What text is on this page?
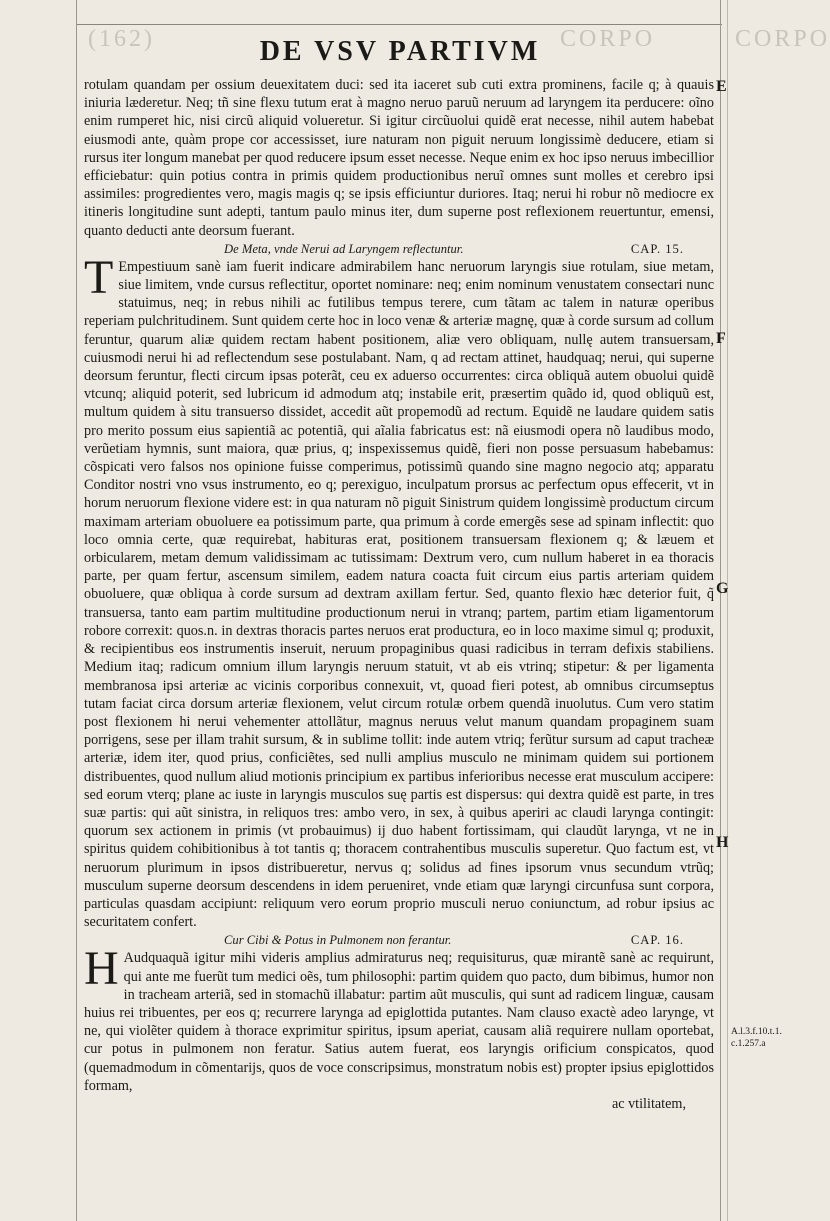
(162)	CORPO	CORPO
DE VSV PARTIVM

rotulam quandam per ossium deuexitatem duci: sed ita iaceret sub cuti extra prominens, facile q; à quauis iniuria læderetur. Neq; tñ sine flexu tutum erat à magno neruo paruũ neruum ad laryngem ita perducere: oĩno enim rumperet hic, nisi circũ aliquid volueretur. Si igitur circũuolui quidẽ erat necesse, nihil autem habebat eiusmodi ante, quàm prope cor accessisset, iure naturam non piguit neruum longissimè deducere, etiam si rursus iter longum manebat per quod reducere ipsum esset necesse. Neque enim ex hoc ipso neruus imbecillior efficiebatur: quin potius contra in primis quidem productionibus neruĩ omnes sunt molles et cerebro ipsi assimiles: progredientes vero, magis magis q; se ipsis efficiuntur duriores. Itaq; nerui hi robur nõ mediocre ex itineris longitudine sunt adepti, tantum paulo minus iter, dum superne post reflexionem reuertuntur, emensi, quanto deducti ante deorsum fuerant.

De Meta, vnde Nerui ad Laryngem reflectuntur.	CAP. 15.

T Empestiuum sanè iam fuerit indicare admirabilem hanc neruorum laryngis siue rotulam, siue metam, siue limitem, vnde cursus reflectitur, oportet nominare: neq; enim nominum venustatem consectari nunc statuimus, neq; in rebus nihili ac futilibus tempus terere, cum tãtam ac talem in naturæ operibus reperiam pulchritudinem. Sunt quidem certe hoc in loco venæ & arteriæ magnę, quæ à corde sursum ad collum feruntur, quarum aliæ quidem rectam habent positionem, aliæ vero obliquam, nullę autem transuersam, cuiusmodi nerui hi ad reflectendum sese postulabant. Nam, q ad rectam attinet, haudquaq; nerui, qui superne deorsum feruntur, flecti circum ipsas poterãt, ceu ex aduerso occurrentes: circa obliquã autem obuolui quidẽ vtcunq; aliquid poterit, sed lubricum id admodum atq; instabile erit, præsertim quãdo id, quod obliquũ est, multum quidem à situ transuerso dissidet, accedit aũt propemodũ ad rectum. Equidẽ ne laudare quidem satis pro merito possum eius sapientiã ac potentiã, qui aĩalia fabricatus est: nã eiusmodi opera nõ laudibus modo, verũetiam hymnis, sunt maiora, quæ prius, q; inspexissemus quidẽ, fieri non posse persuasum habebamus: cõspicati vero falsos nos opinione fuisse comperimus, potissimũ quando sine magno negocio atq; apparatu Conditor nostri vno vsus instrumento, eo q; perexiguo, inculpatum prorsus ac perfectum opus effecerit, vt in horum neruorum flexione videre est: in qua naturam nõ piguit Sinistrum quidem longissimè productum circum maximam arteriam obuoluere ea potissimum parte, qua primum à corde emergẽs sese ad spinam inflectit: quo loco omnia certe, quæ requirebat, habituras erat, positionem transuersam flexionem q; & læuem et orbicularem, metam demum validissimam ac tutissimam: Dextrum vero, cum nullum haberet in ea thoracis parte, per quam fertur, ascensum similem, eadem natura coacta fuit circum eius partis arteriam quidem obuoluere, quæ obliqua à corde sursum ad dextram axillam fertur. Sed, quanto flexio hæc deterior fuit, q̃ transuersa, tanto eam partim multitudine productionum nerui in vtranq; partem, partim etiam ligamentorum robore correxit: quos.n. in dextras thoracis partes neruos erat productura, eo in loco maxime simul q; produxit, & recipientibus eos instrumentis inseruit, neruum propaginibus quasi radicibus in terram defixis stabiliens. Medium itaq; radicum omnium illum laryngis neruum statuit, vt ab eis vtrinq; stipetur: & per ligamenta membranosa ipsi arteriæ ac vicinis corporibus connexuit, vt, quoad fieri potest, ab omnibus circumseptus tutam faciat circa dorsum arteriæ flexionem, velut circum rotulæ orbem quendã inuolutus. Cum vero statim post flexionem hi nerui vehementer attollãtur, magnus neruus velut manum quandam propaginem suam porrigens, sese per illam trahit sursum, & in sublime tollit: inde autem vtriq; ferũtur sursum ad caput tracheæ arteriæ, idem iter, quod prius, conficiẽtes, sed nulli amplius musculo ne minimam quidem sui portionem distribuentes, quod nullum aliud motionis principium ex partibus inferioribus necesse erat musculum accipere: sed eorum vterq; plane ac iuste in laryngis musculos suę partis est dispersus: qui dextra quidẽ est parte, in tres suæ partis: qui aũt sinistra, in reliquos tres: ambo vero, in sex, à quibus aperiri ac claudi larynga contingit: quorum sex actionem in primis (vt probauimus) ij duo habent fortissimam, qui claudũt larynga, vt ne in spiritus quidem cohibitionibus à tot tantis q; thoracem contrahentibus musculis superetur. Quo factum est, vt neruorum plurimum in ipsos distribueretur, nervus q; solidus ad fines ipsorum vnus secundum vtrũq; musculum superne deorsum descendens in idem perueniret, vnde etiam quæ laryngi circunfusa sunt corpora, particulas quasdam accipiunt: reliquum vero eorum proprio musculi neruo coniunctum, ad robur ipsius ac securitatem confert.

Cur Cibi & Potus in Pulmonem non ferantur.	CAP. 16.

H Audquaquã igitur mihi videris amplius admiraturus neq; requisiturus, quæ mirantẽ sanè ac requirunt, qui ante me fuerũt tum medici oẽs, tum philosophi: partim quidem quo pacto, dum bibimus, humor non in tracheam arteriã, sed in stomachũ illabatur: partim aũt musculis, qui sunt ad radicem linguæ, causam huius rei tribuentes, per eos q; recurrere larynga ad epiglottida putantes. Nam clauso exactè adeo larynge, vt ne, qui violẽter quidem à thorace exprimitur spiritus, ipsum aperiat, causam aliã requirere nullam oportebat, cur potus in pulmonem non feratur. Satius autem fuerat, eos laryngis orificium conspicatos, quod (quemadmodum in cõmentarijs, quos de voce conscripsimus, monstratum nobis est) propter ipsius epiglottidos formam,

ac vtilitatem,
E
F
G
H
A.l.3.f.10.t.1. c.1.257.a
